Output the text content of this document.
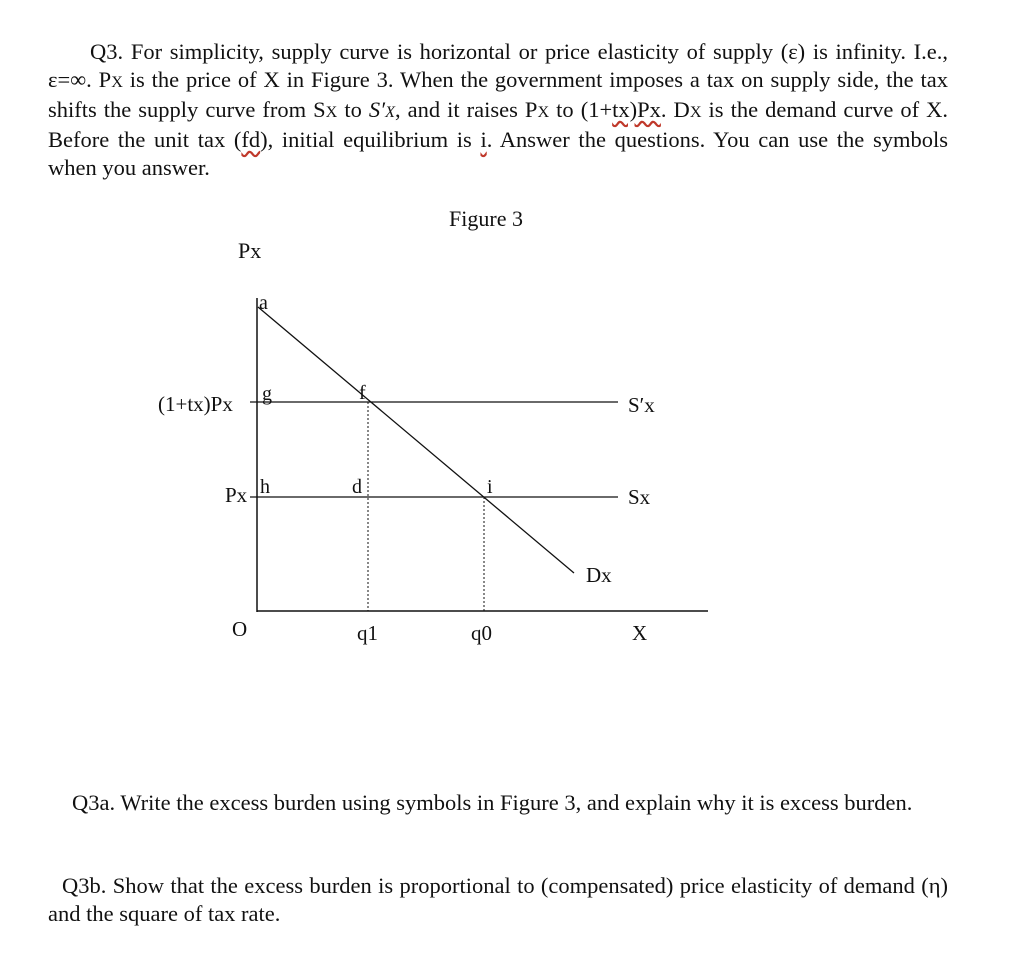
Q3. For simplicity, supply curve is horizontal or price elasticity of supply (ε) is infinity. I.e., ε=∞. PX is the price of X in Figure 3. When the government imposes a tax on supply side, the tax shifts the supply curve from SX to S′X, and it raises PX to (1+tx)Px. DX is the demand curve of X. Before the unit tax (fd), initial equilibrium is i. Answer the questions. You can use the symbols when you answer.

Figure 3
Px
a
(1+tx)Px g	f
Px h	d	i
S′x
Sx
Dx
O	q1	q0	X

Q3a. Write the excess burden using symbols in Figure 3, and explain why it is excess burden.

Q3b. Show that the excess burden is proportional to (compensated) price elasticity of demand (η) and the square of tax rate.
